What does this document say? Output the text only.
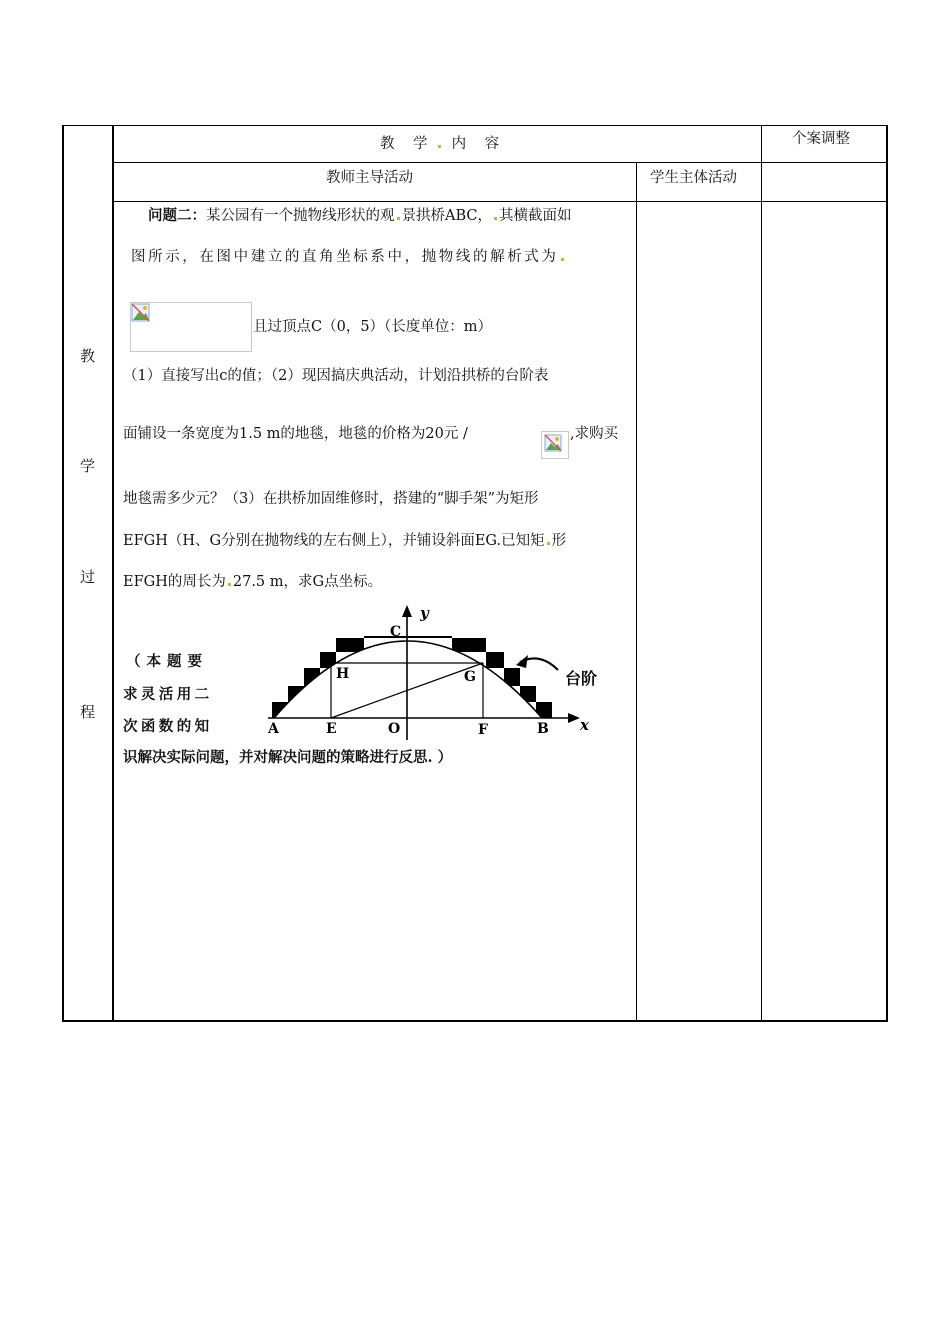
教 学 内 容	个案调整
教师主导活动	学生主体活动
教
学
过
程
问题二：某公园有一个抛物线形状的观 景拱桥ABC， 其横截面如
图所示，在图中建立的直角坐标系中，抛物线的解析式为
且过顶点C（0，5）（长度单位：m）
（1）直接写出c的值；（2）现因搞庆典活动，计划沿拱桥的台阶表
面铺设一条宽度为1.5 m的地毯，地毯的价格为20元 /	,求购买
地毯需多少元？（3）在拱桥加固维修时，搭建的“脚手架”为矩形
EFGH（H、G分别在抛物线的左右侧上），并铺设斜面EG.已知矩 形
EFGH的周长为 27.5 m，求G点坐标。
（本题要
求灵活用二
次函数的知
识解决实际问题，并对解决问题的策略进行反思. ）
y
C
H	G	台阶
A	E	O	F	B x
